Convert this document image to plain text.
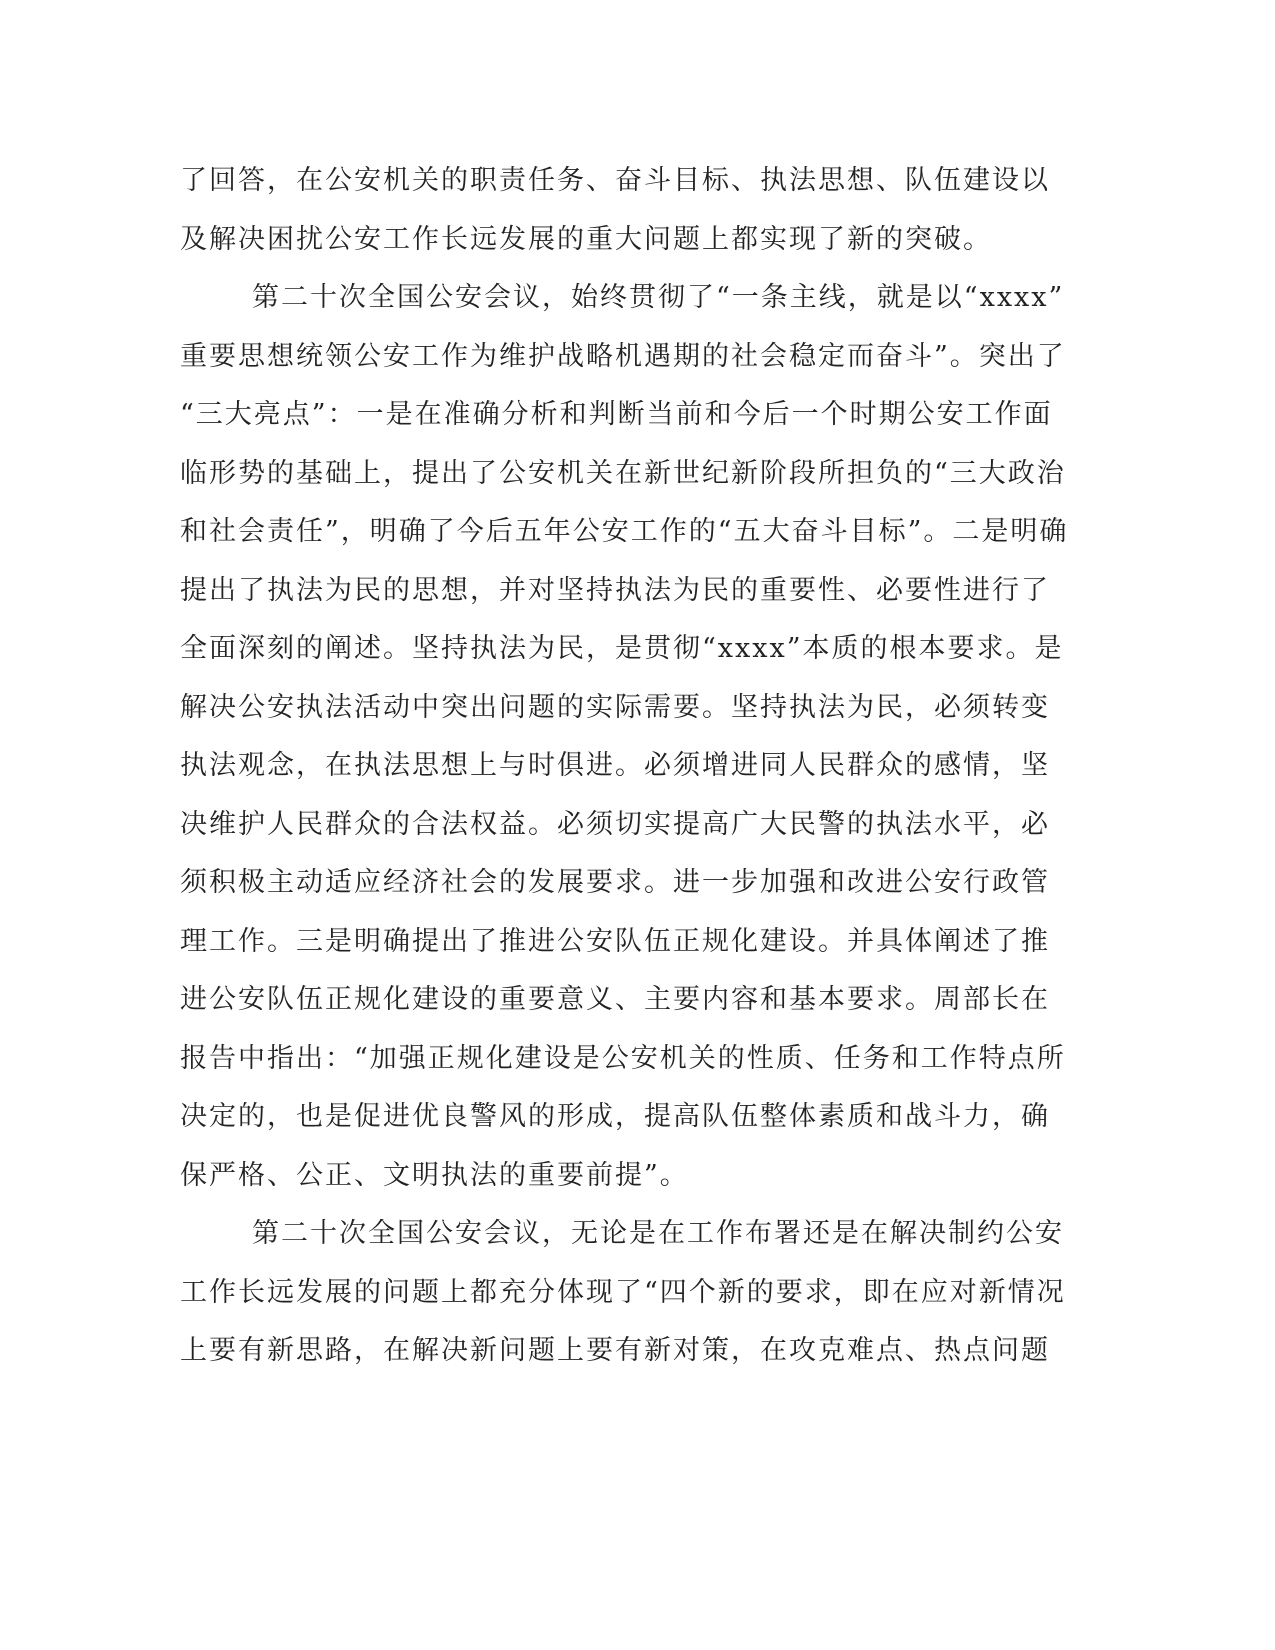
了回答，在公安机关的职责任务、奋斗目标、执法思想、队伍建设以
及解决困扰公安工作长远发展的重大问题上都实现了新的突破。
第二十次全国公安会议，始终贯彻了“一条主线，就是以“xxxx”
重要思想统领公安工作为维护战略机遇期的社会稳定而奋斗”。突出了
“三大亮点”：一是在准确分析和判断当前和今后一个时期公安工作面
临形势的基础上，提出了公安机关在新世纪新阶段所担负的“三大政治
和社会责任”，明确了今后五年公安工作的“五大奋斗目标”。二是明确
提出了执法为民的思想，并对坚持执法为民的重要性、必要性进行了
全面深刻的阐述。坚持执法为民，是贯彻“xxxx”本质的根本要求。是
解决公安执法活动中突出问题的实际需要。坚持执法为民，必须转变
执法观念，在执法思想上与时俱进。必须增进同人民群众的感情，坚
决维护人民群众的合法权益。必须切实提高广大民警的执法水平，必
须积极主动适应经济社会的发展要求。进一步加强和改进公安行政管
理工作。三是明确提出了推进公安队伍正规化建设。并具体阐述了推
进公安队伍正规化建设的重要意义、主要内容和基本要求。周部长在
报告中指出：“加强正规化建设是公安机关的性质、任务和工作特点所
决定的，也是促进优良警风的形成，提高队伍整体素质和战斗力，确
保严格、公正、文明执法的重要前提”。
第二十次全国公安会议，无论是在工作布署还是在解决制约公安
工作长远发展的问题上都充分体现了“四个新的要求，即在应对新情况
上要有新思路，在解决新问题上要有新对策，在攻克难点、热点问题
